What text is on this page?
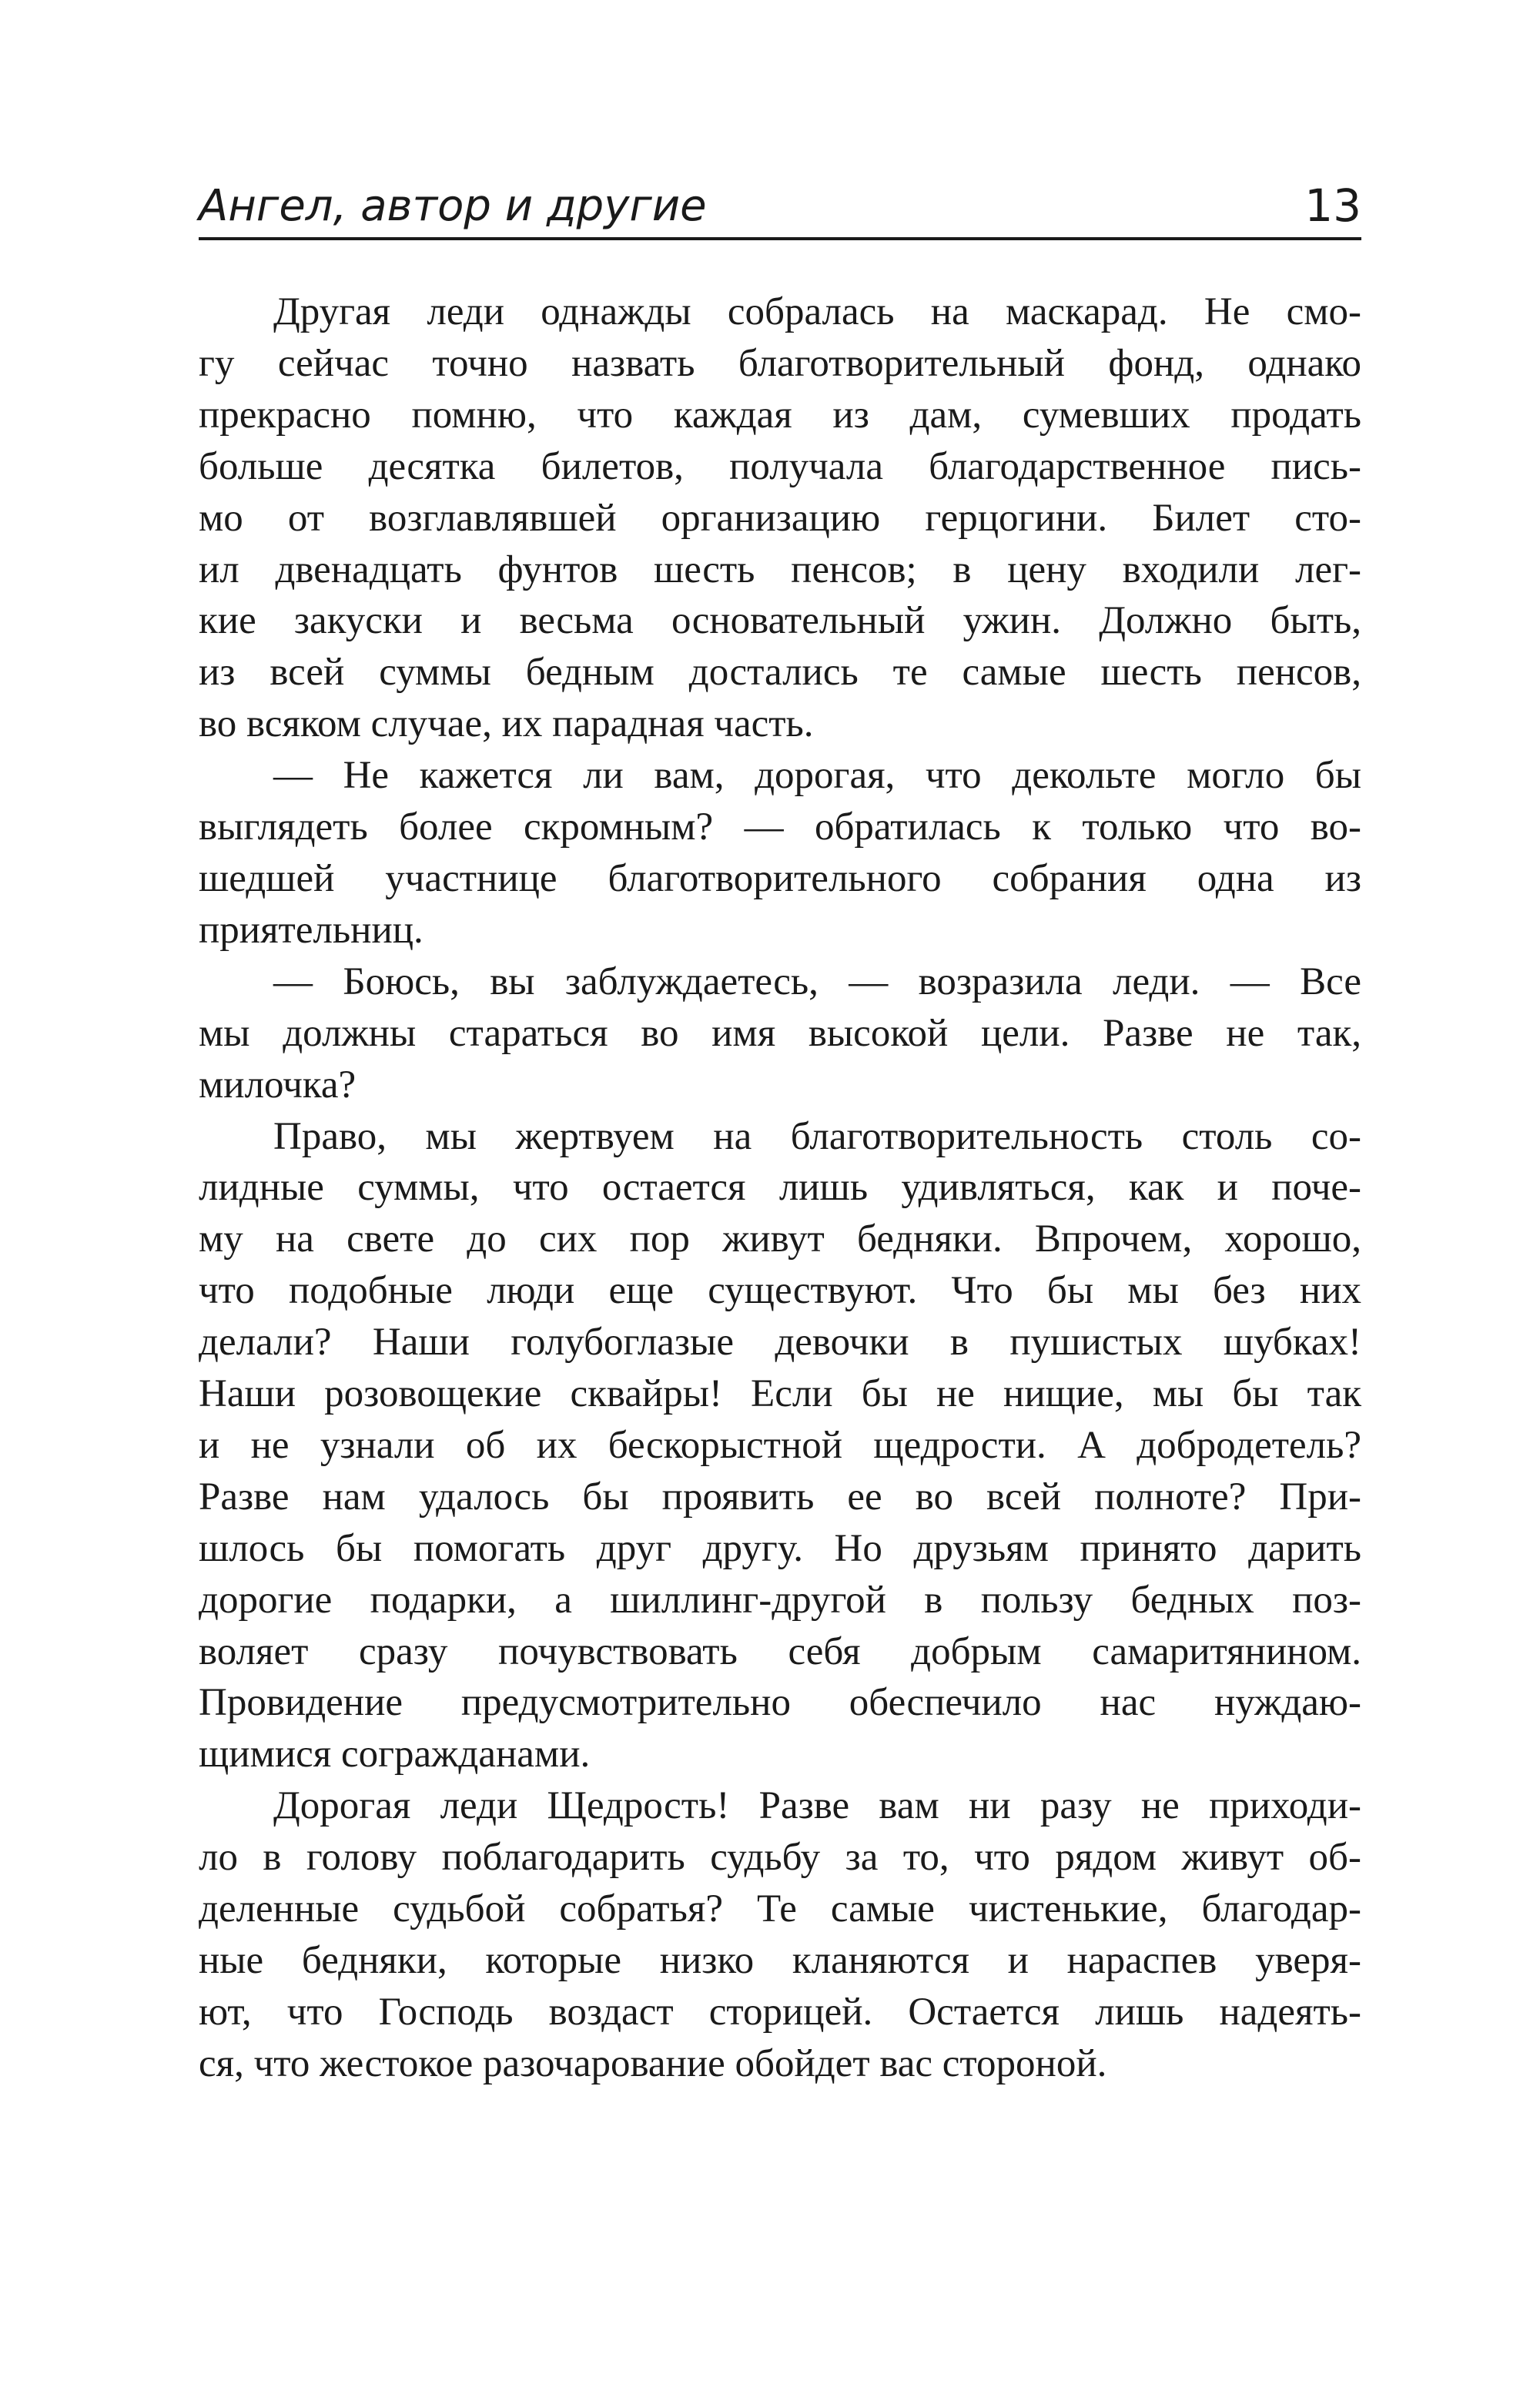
Ангел, автор и другие	13
Другая леди однажды собралась на маскарад. Не смо-
гу сейчас точно назвать благотворительный фонд, однако
прекрасно помню, что каждая из дам, сумевших продать
больше десятка билетов, получала благодарственное пись-
мо от возглавлявшей организацию герцогини. Билет сто-
ил двенадцать фунтов шесть пенсов; в цену входили лег-
кие закуски и весьма основательный ужин. Должно быть,
из всей суммы бедным достались те самые шесть пенсов,
во всяком случае, их парадная часть.
— Не кажется ли вам, дорогая, что декольте могло бы
выглядеть более скромным? — обратилась к только что во-
шедшей участнице благотворительного собрания одна из
приятельниц.
— Боюсь, вы заблуждаетесь, — возразила леди. — Все
мы должны стараться во имя высокой цели. Разве не так,
милочка?
Право, мы жертвуем на благотворительность столь со-
лидные суммы, что остается лишь удивляться, как и поче-
му на свете до сих пор живут бедняки. Впрочем, хорошо,
что подобные люди еще существуют. Что бы мы без них
делали? Наши голубоглазые девочки в пушистых шубках!
Наши розовощекие сквайры! Если бы не нищие, мы бы так
и не узнали об их бескорыстной щедрости. А добродетель?
Разве нам удалось бы проявить ее во всей полноте? При-
шлось бы помогать друг другу. Но друзьям принято дарить
дорогие подарки, а шиллинг-другой в пользу бедных поз-
воляет сразу почувствовать себя добрым самаритянином.
Провидение предусмотрительно обеспечило нас нуждаю-
щимися согражданами.
Дорогая леди Щедрость! Разве вам ни разу не приходи-
ло в голову поблагодарить судьбу за то, что рядом живут об-
деленные судьбой собратья? Те самые чистенькие, благодар-
ные бедняки, которые низко кланяются и нараспев уверя-
ют, что Господь воздаст сторицей. Остается лишь надеять-
ся, что жестокое разочарование обойдет вас стороной.
